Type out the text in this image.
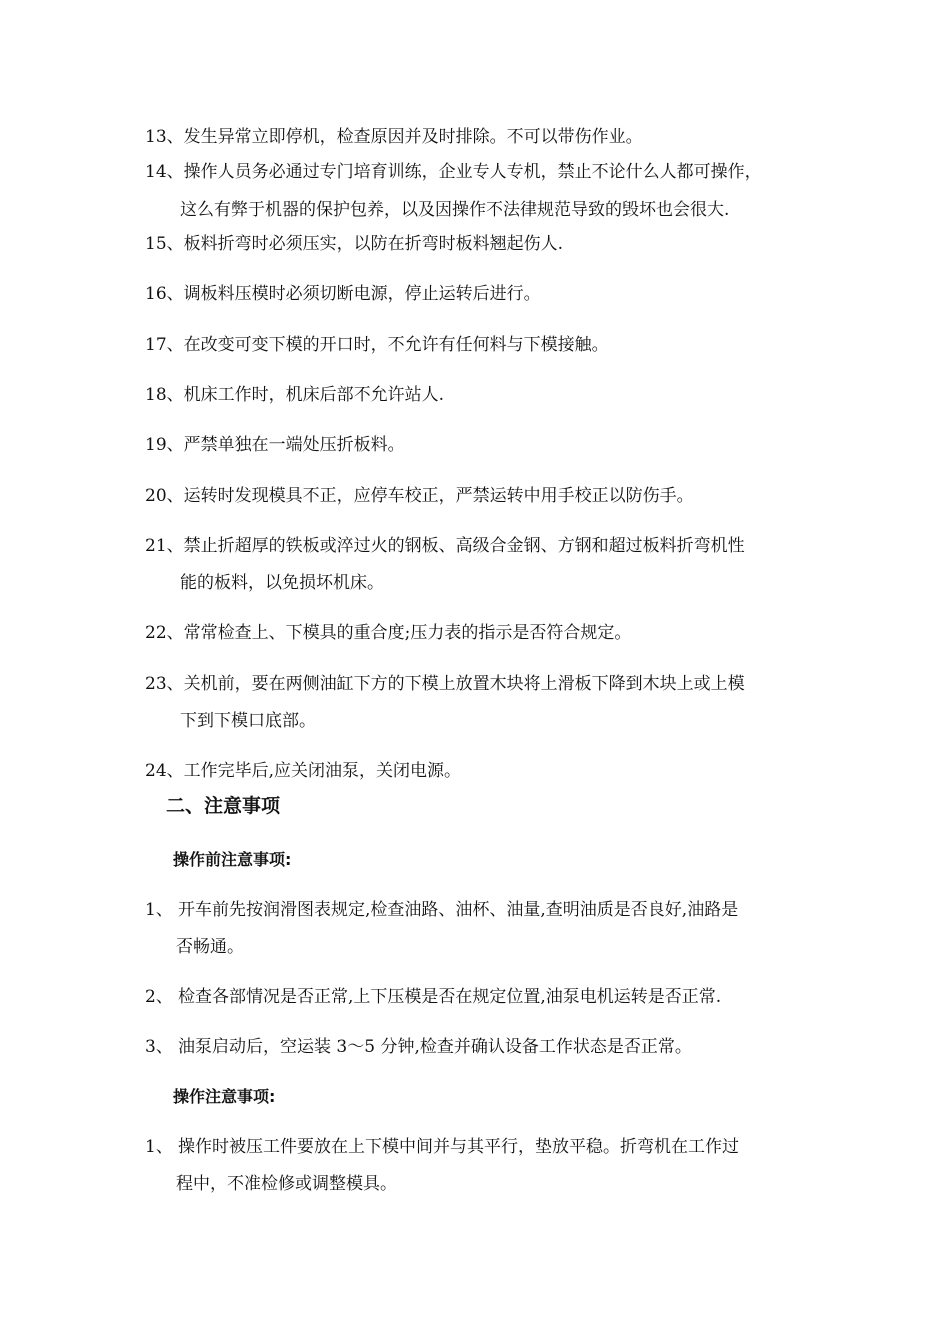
13、发生异常立即停机，检查原因并及时排除。不可以带伤作业。
14、操作人员务必通过专门培育训练，企业专人专机，禁止不论什么人都可操作，
这么有弊于机器的保护包养，以及因操作不法律规范导致的毁坏也会很大.
15、板料折弯时必须压实，以防在折弯时板料翘起伤人.
16、调板料压模时必须切断电源，停止运转后进行。
17、在改变可变下模的开口时，不允许有任何料与下模接触。
18、机床工作时，机床后部不允许站人.
19、严禁单独在一端处压折板料。
20、运转时发现模具不正，应停车校正，严禁运转中用手校正以防伤手。
21、禁止折超厚的铁板或淬过火的钢板、高级合金钢、方钢和超过板料折弯机性
能的板料，以免损坏机床。
22、常常检查上、下模具的重合度;压力表的指示是否符合规定。
23、关机前，要在两侧油缸下方的下模上放置木块将上滑板下降到木块上或上模
下到下模口底部。
24、工作完毕后,应关闭油泵，关闭电源。
二、注意事项
操作前注意事项:
1、 开车前先按润滑图表规定,检查油路、油杯、油量,查明油质是否良好,油路是
否畅通。
2、 检查各部情况是否正常,上下压模是否在规定位置,油泵电机运转是否正常.
3、 油泵启动后，空运装 3～5 分钟,检查并确认设备工作状态是否正常。
操作注意事项:
1、 操作时被压工件要放在上下模中间并与其平行，垫放平稳。折弯机在工作过
程中，不准检修或调整模具。
